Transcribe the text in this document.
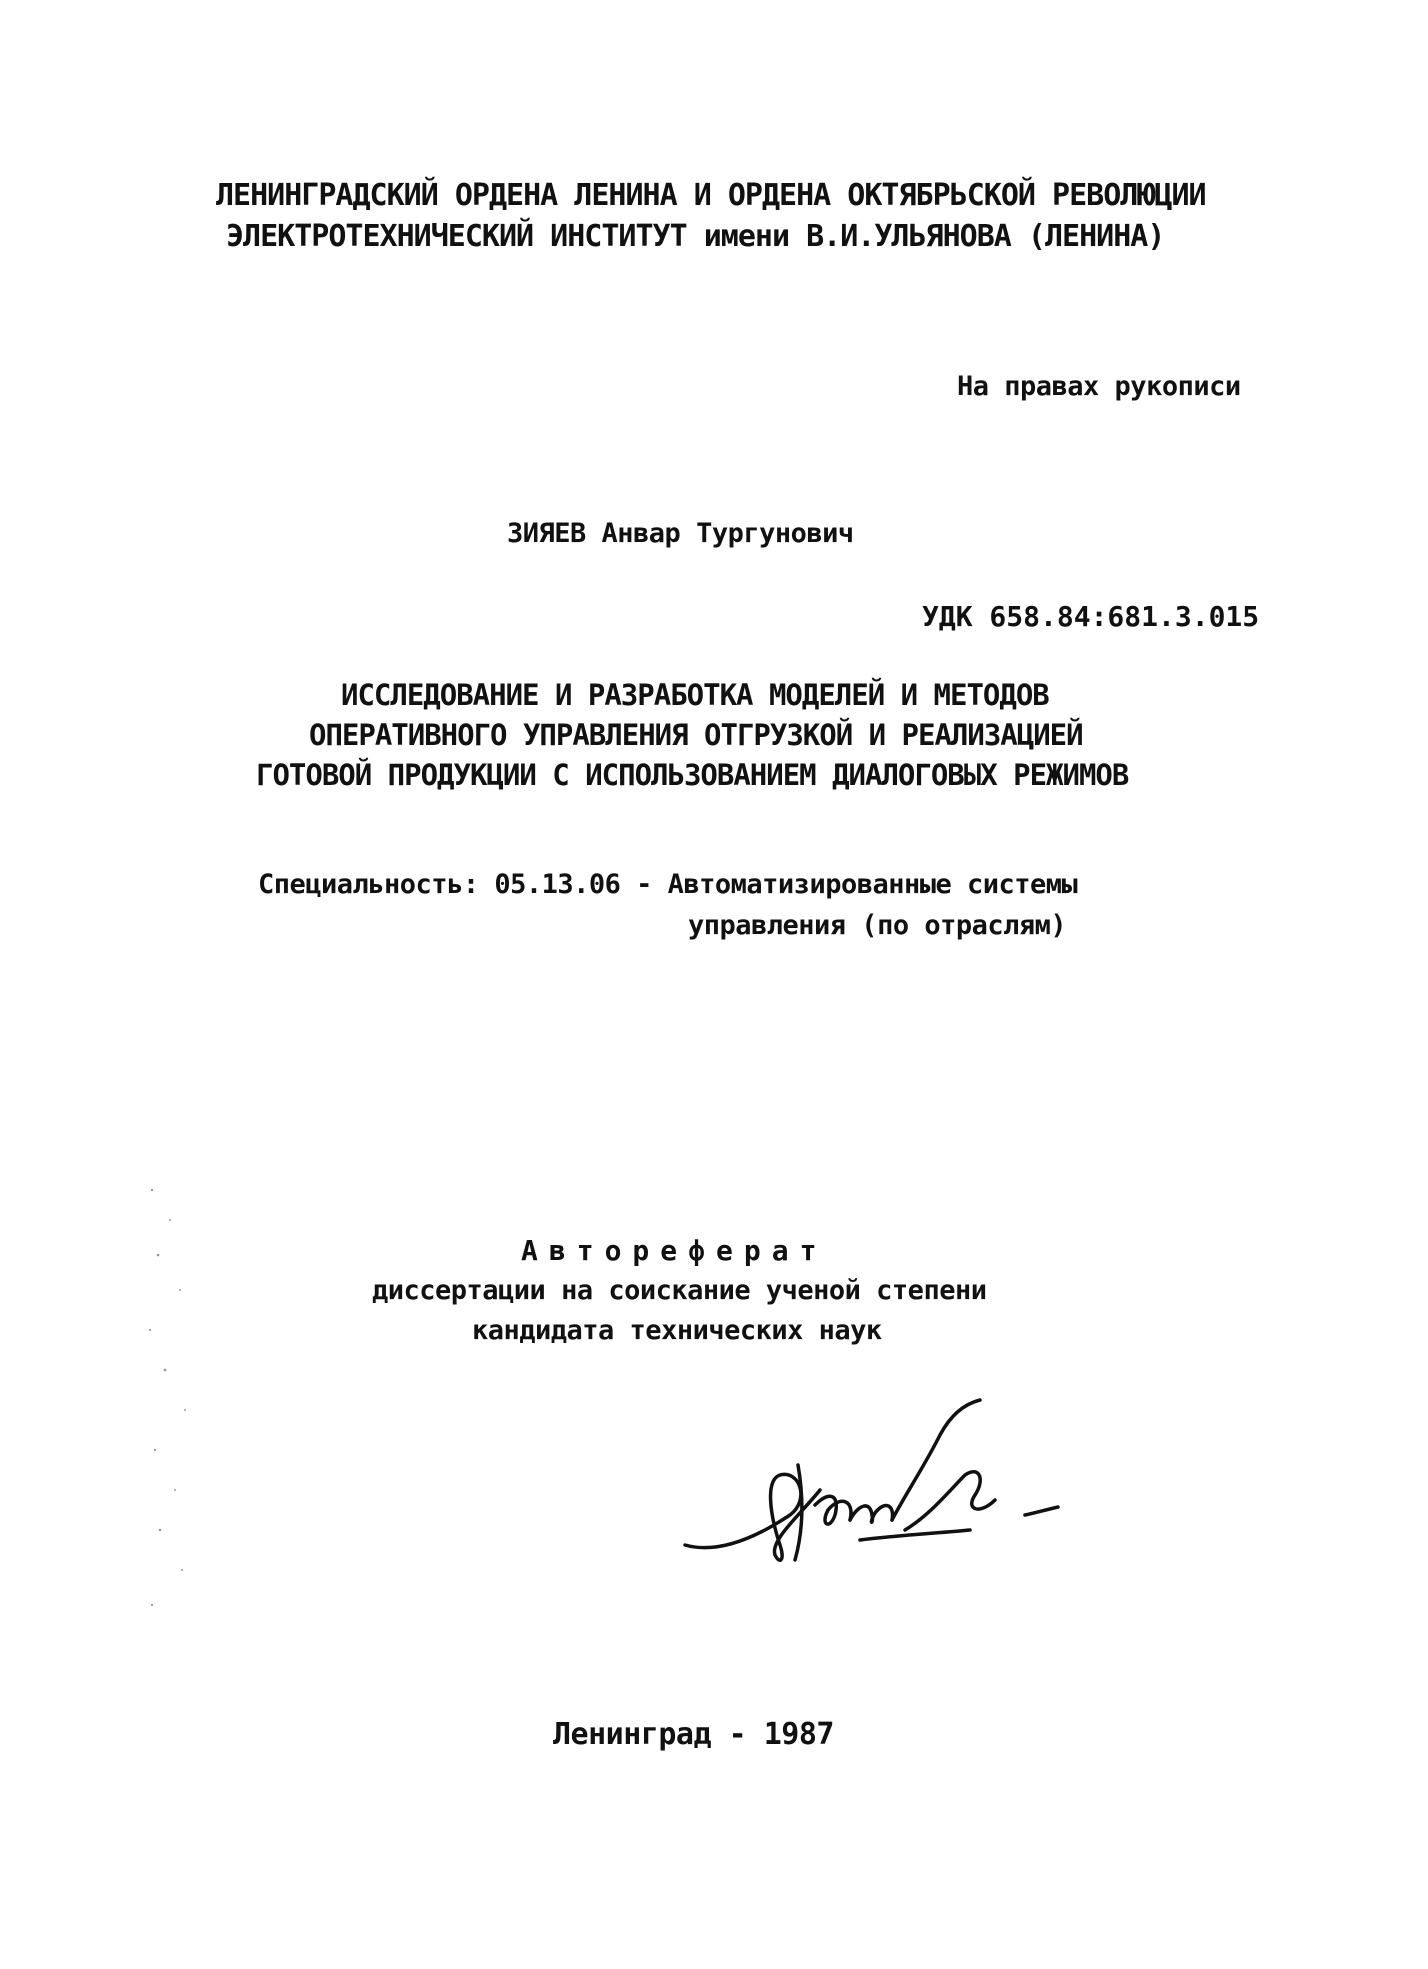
ЛЕНИНГРАДСКИЙ ОРДЕНА ЛЕНИНА И ОРДЕНА ОКТЯБРЬСКОЙ РЕВОЛЮЦИИ
ЭЛЕКТРОТЕХНИЧЕСКИЙ ИНСТИТУТ имени В.И.УЛЬЯНОВА (ЛЕНИНА)
На правах рукописи
ЗИЯЕВ Анвар Тургунович
УДК 658.84:681.3.015
ИССЛЕДОВАНИЕ И РАЗРАБОТКА МОДЕЛЕЙ И МЕТОДОВ
ОПЕРАТИВНОГО УПРАВЛЕНИЯ ОТГРУЗКОЙ И РЕАЛИЗАЦИЕЙ
ГОТОВОЙ ПРОДУКЦИИ С ИСПОЛЬЗОВАНИЕМ ДИАЛОГОВЫХ РЕЖИМОВ
Специальность: 05.13.06 - Автоматизированные системы
управления (по отраслям)
Автореферат
диссертации на соискание ученой степени
кандидата технических наук
Ленинград - 1987
